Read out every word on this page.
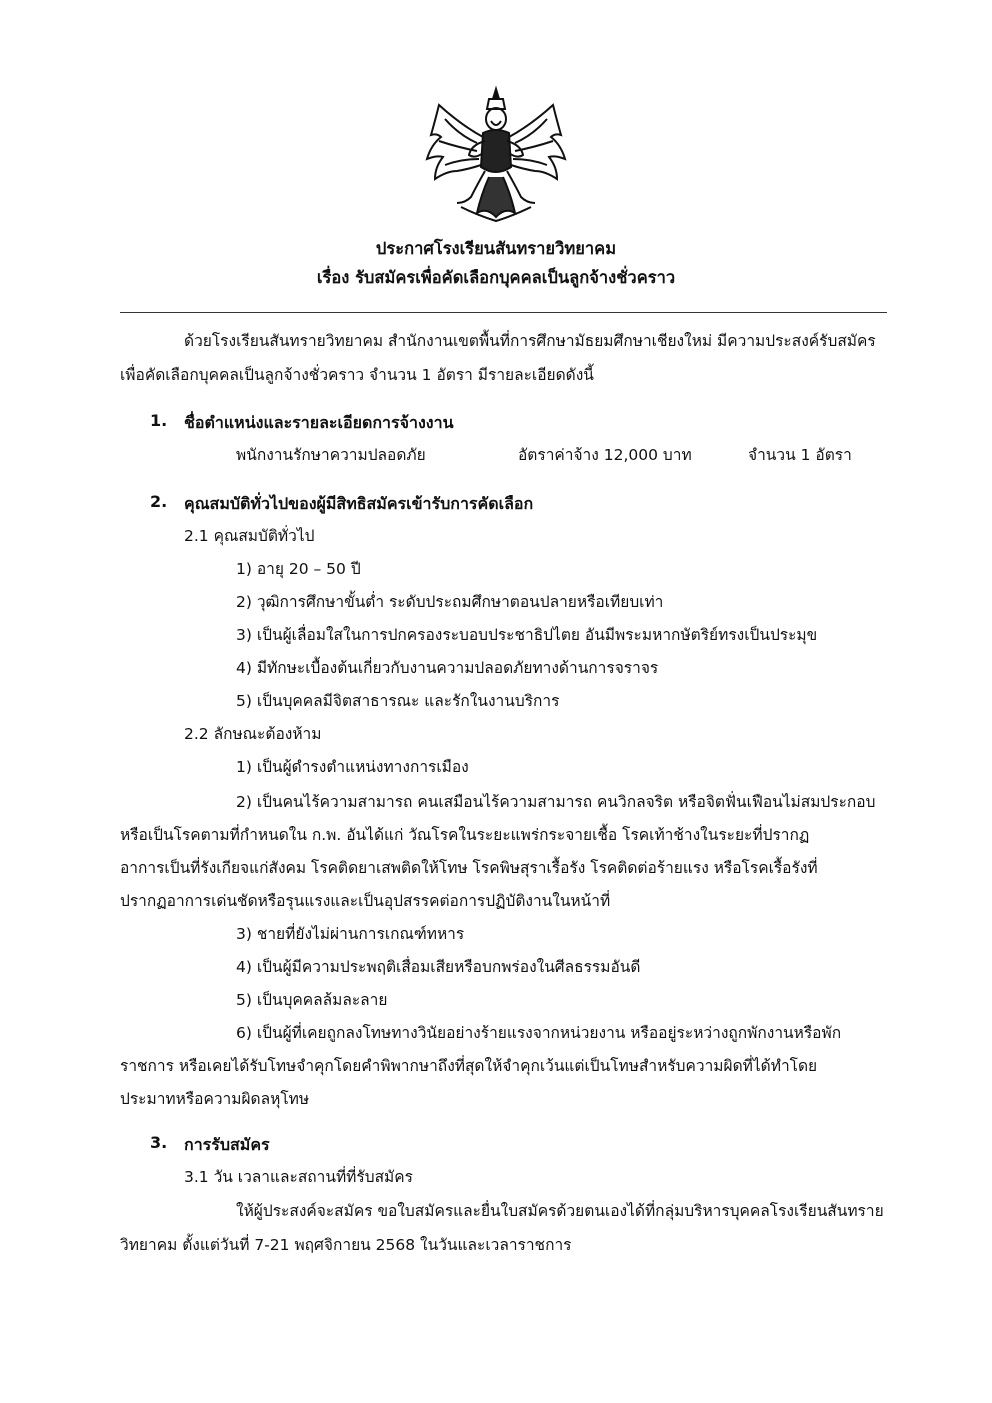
ประกาศโรงเรียนสันทรายวิทยาคม
เรื่อง รับสมัครเพื่อคัดเลือกบุคคลเป็นลูกจ้างชั่วคราว
ด้วยโรงเรียนสันทรายวิทยาคม สำนักงานเขตพื้นที่การศึกษามัธยมศึกษาเชียงใหม่ มีความประสงค์รับสมัคร
เพื่อคัดเลือกบุคคลเป็นลูกจ้างชั่วคราว จำนวน 1 อัตรา มีรายละเอียดดังนี้
1. ชื่อตำแหน่งและรายละเอียดการจ้างงาน
พนักงานรักษาความปลอดภัย	อัตราค่าจ้าง 12,000 บาท	จำนวน 1 อัตรา
2. คุณสมบัติทั่วไปของผู้มีสิทธิสมัครเข้ารับการคัดเลือก
2.1 คุณสมบัติทั่วไป
1) อายุ 20 – 50 ปี
2) วุฒิการศึกษาขั้นต่ำ ระดับประถมศึกษาตอนปลายหรือเทียบเท่า
3) เป็นผู้เลื่อมใสในการปกครองระบอบประชาธิปไตย อันมีพระมหากษัตริย์ทรงเป็นประมุข
4) มีทักษะเบื้องต้นเกี่ยวกับงานความปลอดภัยทางด้านการจราจร
5) เป็นบุคคลมีจิตสาธารณะ และรักในงานบริการ
2.2 ลักษณะต้องห้าม
1) เป็นผู้ดำรงตำแหน่งทางการเมือง
2) เป็นคนไร้ความสามารถ คนเสมือนไร้ความสามารถ คนวิกลจริต หรือจิตฟั่นเฟือนไม่สมประกอบ
หรือเป็นโรคตามที่กำหนดใน ก.พ. อันได้แก่ วัณโรคในระยะแพร่กระจายเชื้อ โรคเท้าช้างในระยะที่ปรากฏ
อาการเป็นที่รังเกียจแก่สังคม โรคติดยาเสพติดให้โทษ โรคพิษสุราเรื้อรัง โรคติดต่อร้ายแรง หรือโรคเรื้อรังที่
ปรากฏอาการเด่นชัดหรือรุนแรงและเป็นอุปสรรคต่อการปฏิบัติงานในหน้าที่
3) ชายที่ยังไม่ผ่านการเกณฑ์ทหาร
4) เป็นผู้มีความประพฤติเสื่อมเสียหรือบกพร่องในศีลธรรมอันดี
5) เป็นบุคคลล้มละลาย
6) เป็นผู้ที่เคยถูกลงโทษทางวินัยอย่างร้ายแรงจากหน่วยงาน หรืออยู่ระหว่างถูกพักงานหรือพัก
ราชการ หรือเคยได้รับโทษจำคุกโดยคำพิพากษาถึงที่สุดให้จำคุกเว้นแต่เป็นโทษสำหรับความผิดที่ได้ทำโดย
ประมาทหรือความผิดลหุโทษ
3. การรับสมัคร
3.1 วัน เวลาและสถานที่ที่รับสมัคร
ให้ผู้ประสงค์จะสมัคร ขอใบสมัครและยื่นใบสมัครด้วยตนเองได้ที่กลุ่มบริหารบุคคลโรงเรียนสันทราย
วิทยาคม ตั้งแต่วันที่ 7-21 พฤศจิกายน 2568 ในวันและเวลาราชการ
